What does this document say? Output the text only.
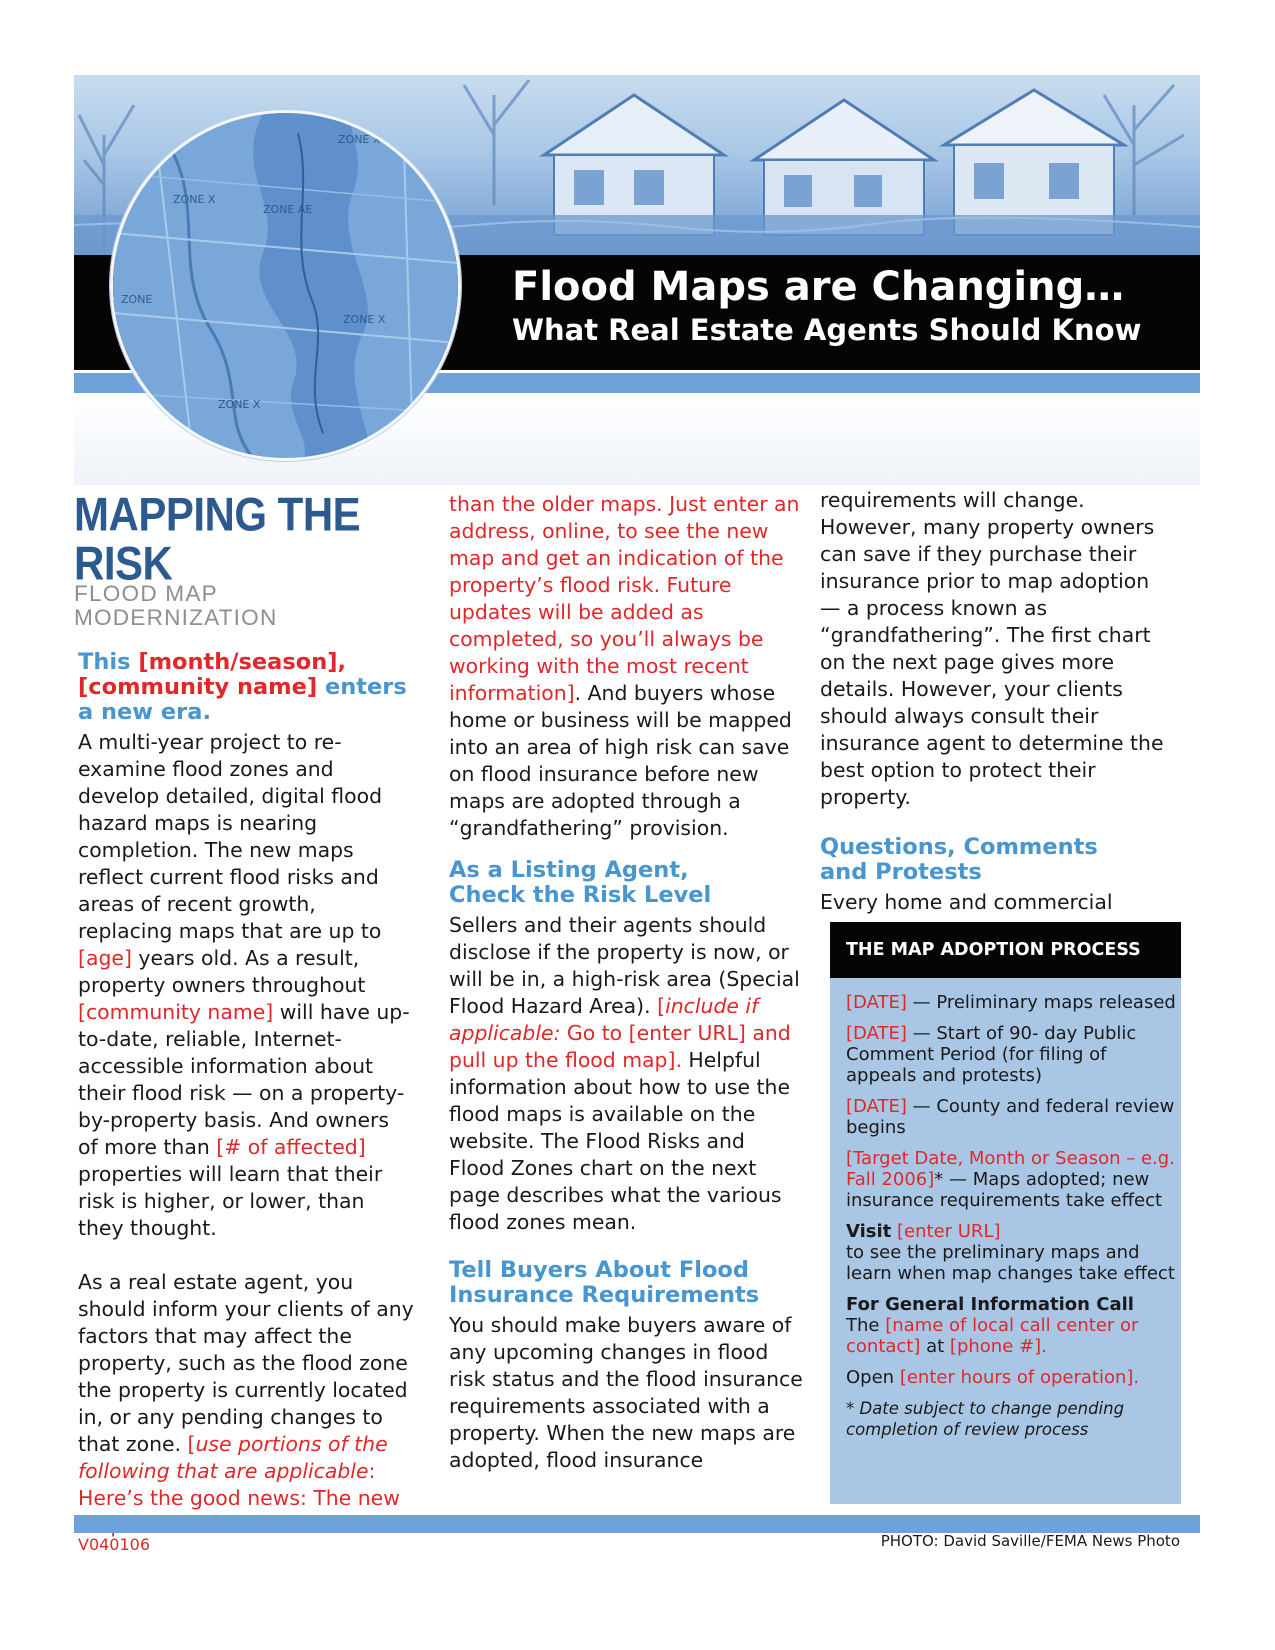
Flood Maps are Changing…
What Real Estate Agents Should Know
ZONE X
ZONE X
ZONE AE
ZONE X
ZONE
ZONE X
MAPPING THE RISK
FLOOD MAP MODERNIZATION

This [month/season], [community name] enters a new era.

A multi-year project to re-examine flood zones and develop detailed, digital flood hazard maps is nearing completion. The new maps reflect current flood risks and areas of recent growth, replacing maps that are up to [age] years old. As a result, property owners throughout [community name] will have up-to-date, reliable, Internet-accessible information about their flood risk — on a property-by-property basis. And owners of more than [# of affected] properties will learn that their risk is higher, or lower, than they thought.

As a real estate agent, you should inform your clients of any factors that may affect the property, such as the flood zone the property is currently located in, or any pending changes to that zone. [use portions of the following that are applicable: Here’s the good news: The new

than the older maps. Just enter an address, online, to see the new map and get an indication of the property’s flood risk. Future updates will be added as completed, so you’ll always be working with the most recent information]. And buyers whose home or business will be mapped into an area of high risk can save on flood insurance before new maps are adopted through a “grandfathering” provision.

As a Listing Agent, Check the Risk Level

Sellers and their agents should disclose if the property is now, or will be in, a high-risk area (Special Flood Hazard Area). [include if applicable: Go to [enter URL] and pull up the flood map]. Helpful information about how to use the flood maps is available on the website. The Flood Risks and Flood Zones chart on the next page describes what the various flood zones mean.

Tell Buyers About Flood Insurance Requirements

You should make buyers aware of any upcoming changes in flood risk status and the flood insurance requirements associated with a property. When the new maps are adopted, flood insurance

requirements will change. However, many property owners can save if they purchase their insurance prior to map adoption — a process known as “grandfathering”. The first chart on the next page gives more details. However, your clients should always consult their insurance agent to determine the best option to protect their property.

Questions, Comments and Protests

Every home and commercial

THE MAP ADOPTION PROCESS

[DATE] — Preliminary maps released

[DATE] — Start of 90- day Public Comment Period (for filing of appeals and protests)

[DATE] — County and federal review begins

[Target Date, Month or Season – e.g. Fall 2006]* — Maps adopted; new insurance requirements take effect

Visit [enter URL]
to see the preliminary maps and learn when map changes take effect

For General Information Call
The [name of local call center or contact] at [phone #].

Open [enter hours of operation].

* Date subject to change pending completion of review process

V040106	PHOTO: David Saville/FEMA News Photo
